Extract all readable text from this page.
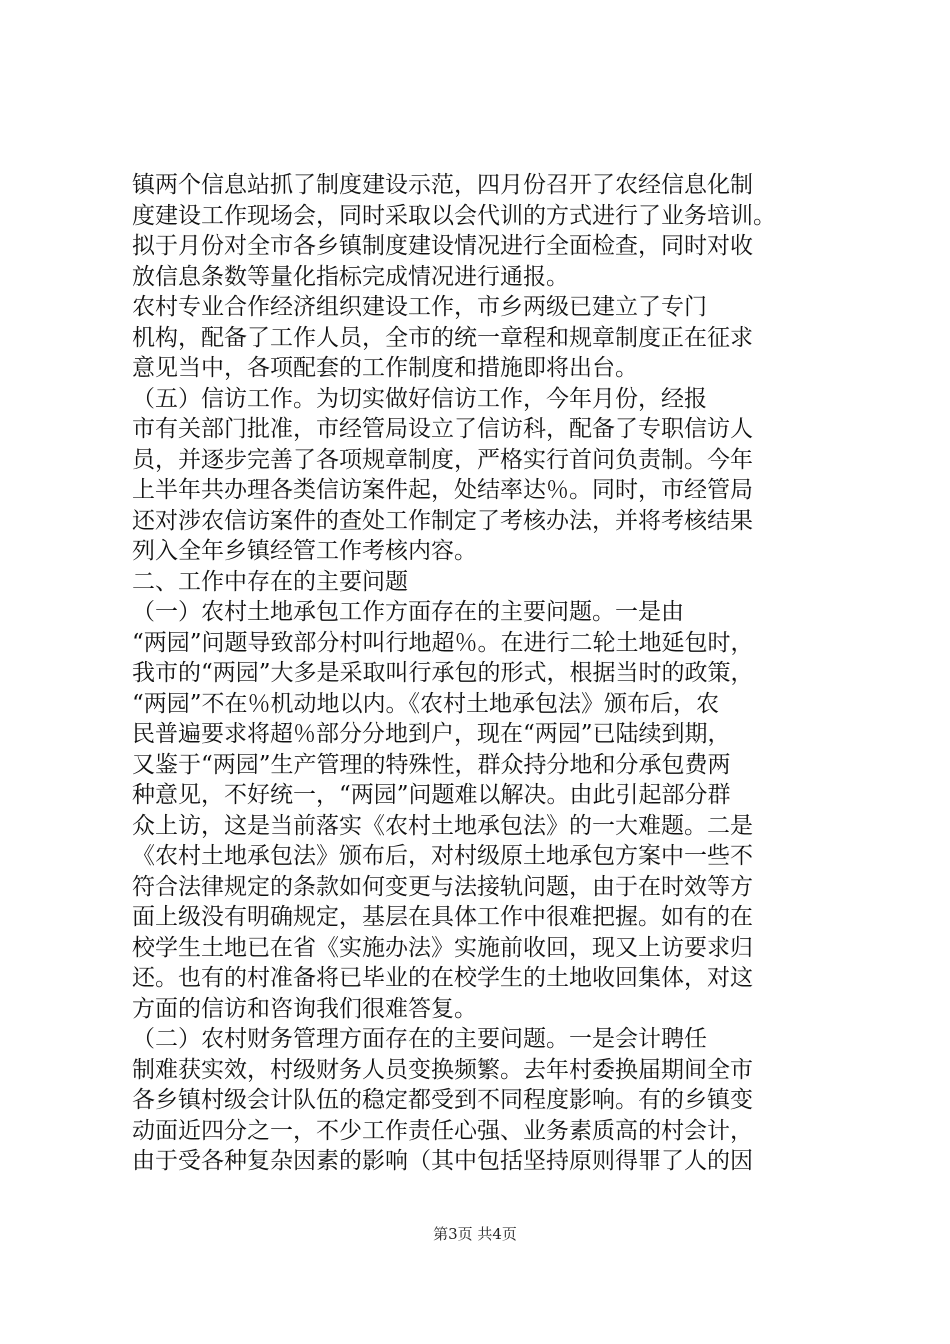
镇两个信息站抓了制度建设示范，四月份召开了农经信息化制
度建设工作现场会，同时采取以会代训的方式进行了业务培训。
拟于月份对全市各乡镇制度建设情况进行全面检查，同时对收
放信息条数等量化指标完成情况进行通报。
农村专业合作经济组织建设工作，市乡两级已建立了专门
机构，配备了工作人员，全市的统一章程和规章制度正在征求
意见当中，各项配套的工作制度和措施即将出台。
（五）信访工作。为切实做好信访工作，今年月份，经报
市有关部门批准，市经管局设立了信访科，配备了专职信访人
员，并逐步完善了各项规章制度，严格实行首问负责制。今年
上半年共办理各类信访案件起，处结率达％。同时，市经管局
还对涉农信访案件的查处工作制定了考核办法，并将考核结果
列入全年乡镇经管工作考核内容。
二、工作中存在的主要问题
（一）农村土地承包工作方面存在的主要问题。一是由
“两园”问题导致部分村叫行地超％。在进行二轮土地延包时，
我市的“两园”大多是采取叫行承包的形式，根据当时的政策，
“两园”不在％机动地以内。《农村土地承包法》颁布后，农
民普遍要求将超％部分分地到户，现在“两园”已陆续到期，
又鉴于“两园”生产管理的特殊性，群众持分地和分承包费两
种意见，不好统一，“两园”问题难以解决。由此引起部分群
众上访，这是当前落实《农村土地承包法》的一大难题。二是
《农村土地承包法》颁布后，对村级原土地承包方案中一些不
符合法律规定的条款如何变更与法接轨问题，由于在时效等方
面上级没有明确规定，基层在具体工作中很难把握。如有的在
校学生土地已在省《实施办法》实施前收回，现又上访要求归
还。也有的村准备将已毕业的在校学生的土地收回集体，对这
方面的信访和咨询我们很难答复。
（二）农村财务管理方面存在的主要问题。一是会计聘任
制难获实效，村级财务人员变换频繁。去年村委换届期间全市
各乡镇村级会计队伍的稳定都受到不同程度影响。有的乡镇变
动面近四分之一，不少工作责任心强、业务素质高的村会计，
由于受各种复杂因素的影响（其中包括坚持原则得罪了人的因
第3页 共4页
